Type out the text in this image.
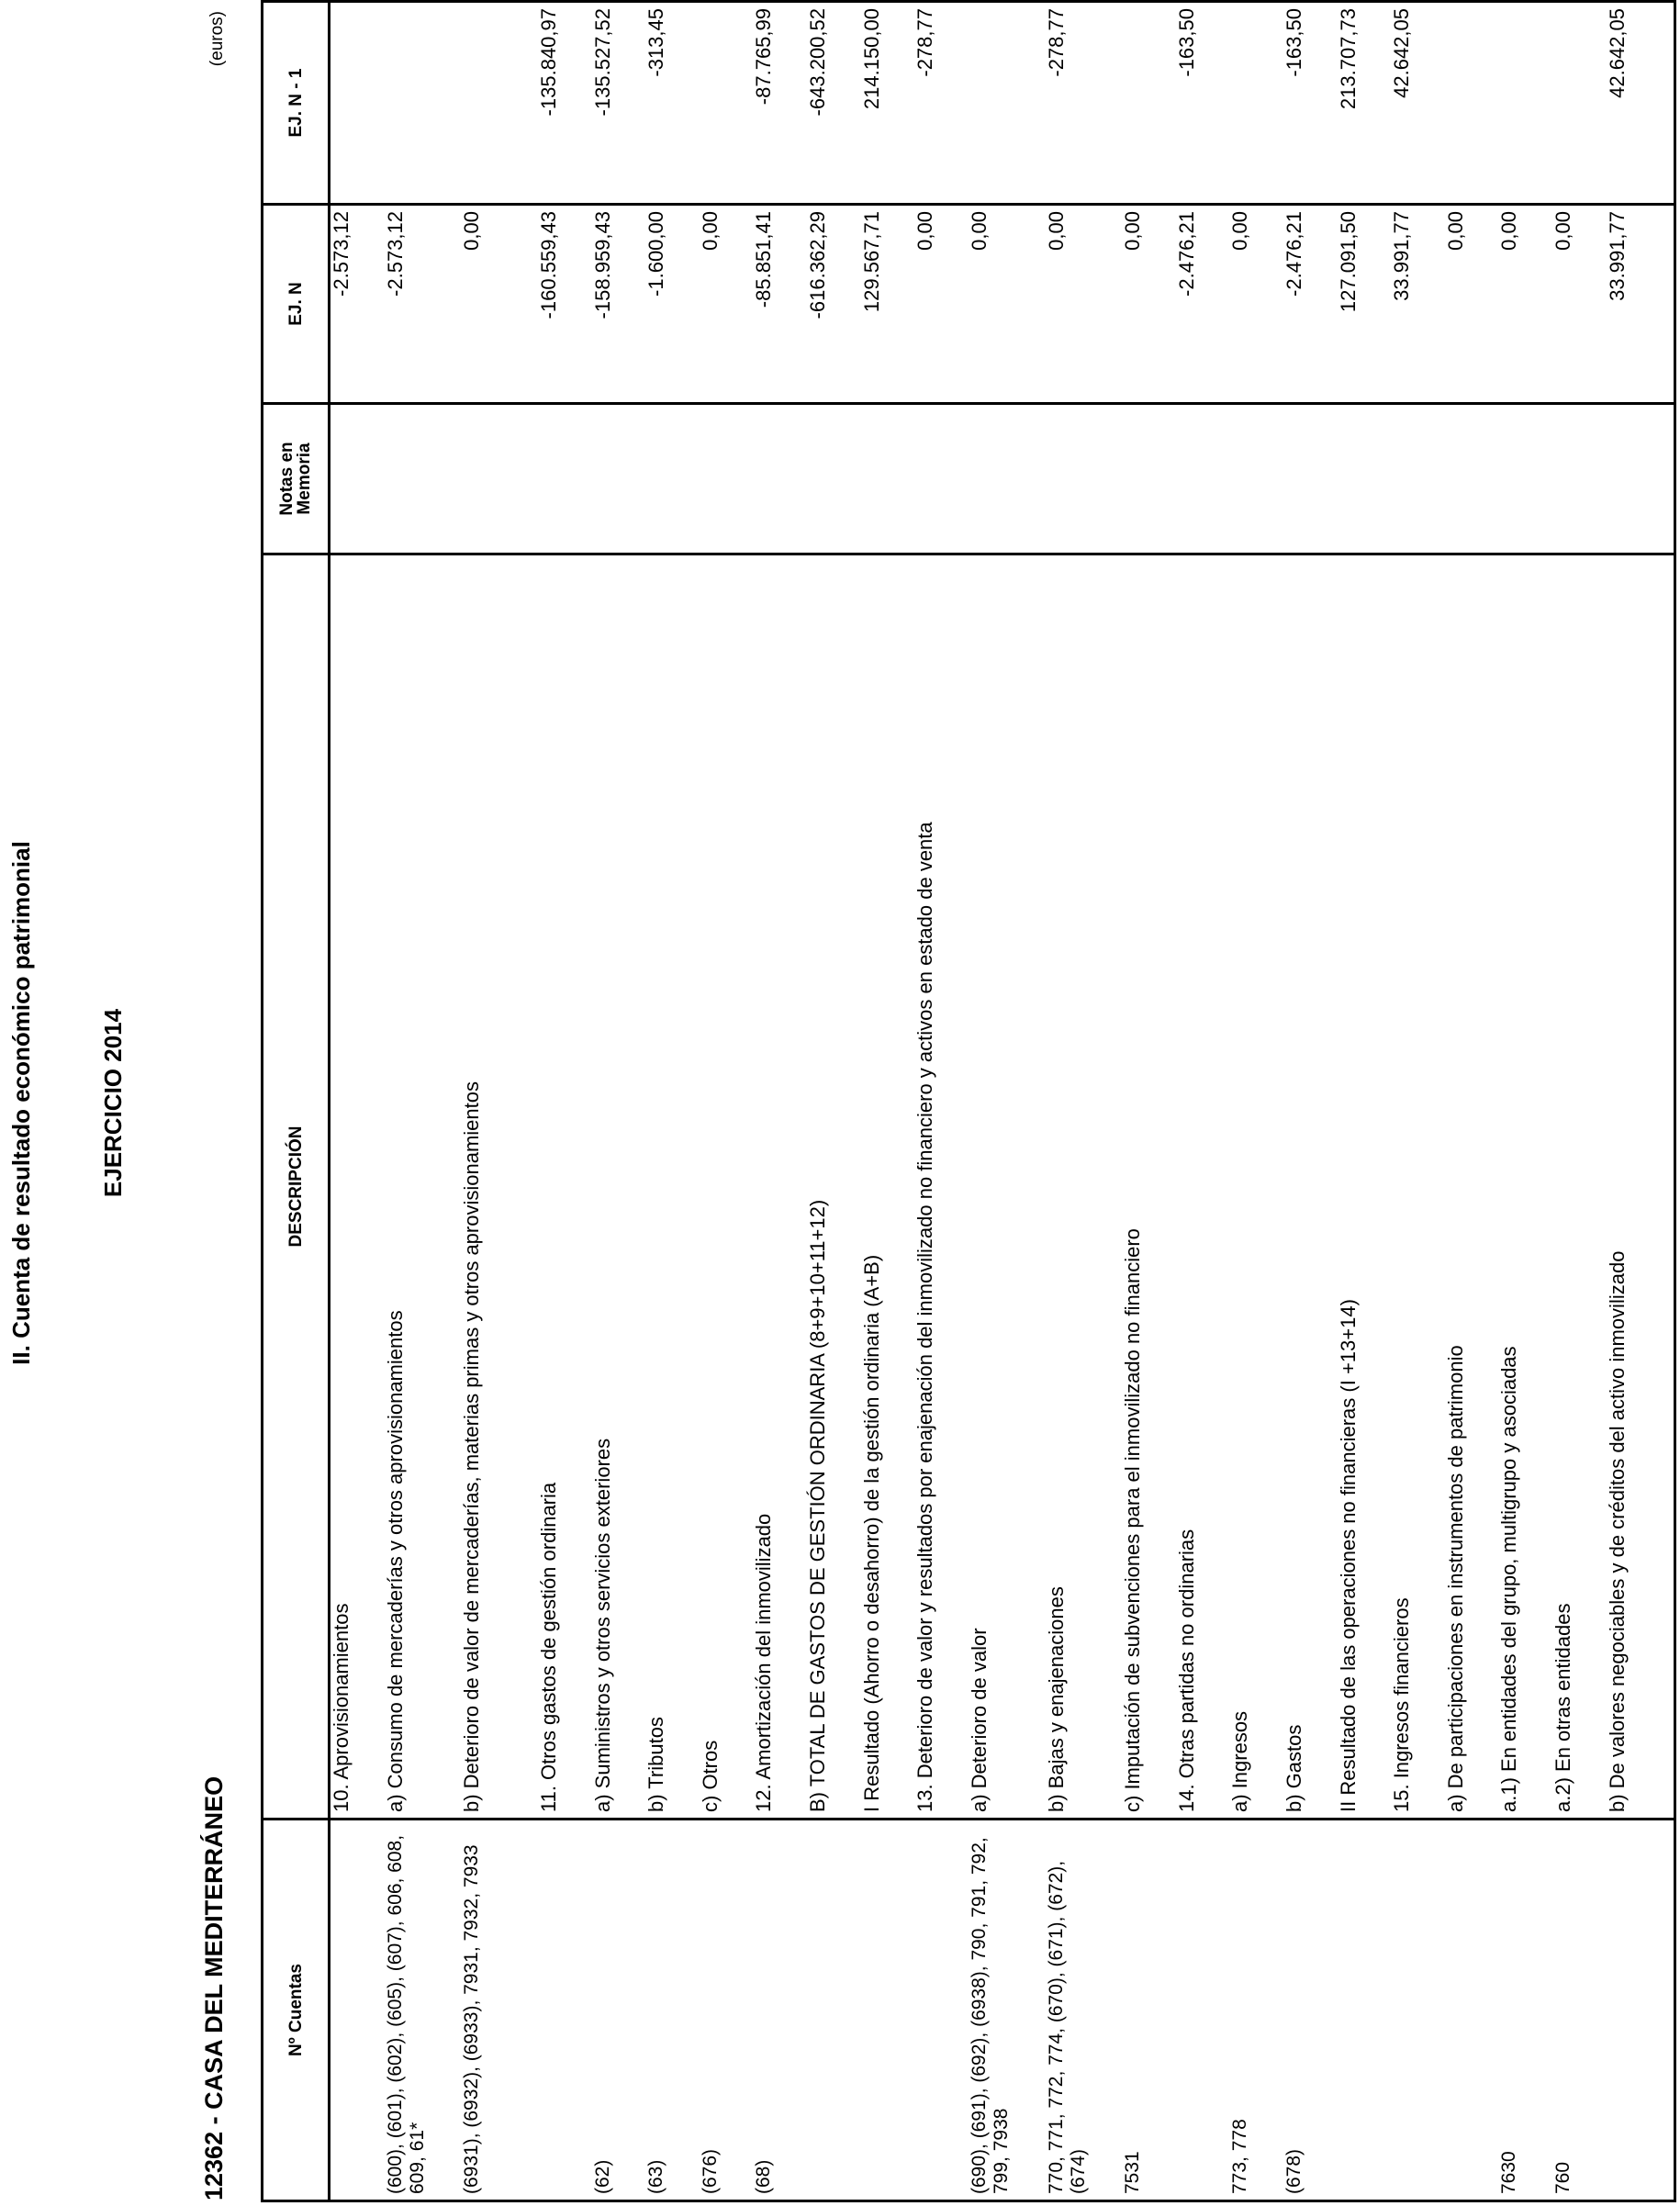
II. Cuenta de resultado económico patrimonial	EJERCICIO 2014
12362 - CASA DEL MEDITERRÁNEO
(euros)
Nº Cuentas	DESCRIPCIÓN	Notas en Memoria	EJ. N	EJ. N - 1
	10. Aprovisionamientos		-2.573,12	
(600), (601), (602), (605), (607), 606, 608, 609, 61*	a) Consumo de mercaderías y otros aprovisionamientos		-2.573,12	
(6931), (6932), (6933), 7931, 7932, 7933	b) Deterioro de valor de mercaderías, materias primas y otros aprovisionamientos		0,00	
	11. Otros gastos de gestión ordinaria		-160.559,43	-135.840,97
(62)	a) Suministros y otros servicios exteriores		-158.959,43	-135.527,52
(63)	b) Tributos		-1.600,00	-313,45
(676)	c) Otros		0,00	
(68)	12. Amortización del inmovilizado		-85.851,41	-87.765,99
	B) TOTAL DE GASTOS DE GESTIÓN ORDINARIA (8+9+10+11+12)		-616.362,29	-643.200,52
	I Resultado (Ahorro o desahorro) de la gestión ordinaria (A+B)		129.567,71	214.150,00
	13. Deterioro de valor y resultados por enajenación del inmovilizado no financiero y activos en estado de venta		0,00	-278,77
(690), (691), (692), (6938), 790, 791, 792, 799, 7938	a) Deterioro de valor		0,00	
770, 771, 772, 774, (670), (671), (672), (674)	b) Bajas y enajenaciones		0,00	-278,77
7531	c) Imputación de subvenciones para el inmovilizado no financiero		0,00	
	14. Otras partidas no ordinarias		-2.476,21	-163,50
773, 778	a) Ingresos		0,00	
(678)	b) Gastos		-2.476,21	-163,50
	II Resultado de las operaciones no financieras (I +13+14)		127.091,50	213.707,73
	15. Ingresos financieros		33.991,77	42.642,05
	a) De participaciones en instrumentos de patrimonio		0,00	
7630	a.1) En entidades del grupo, multigrupo y asociadas		0,00	
760	a.2) En otras entidades		0,00	
	b) De valores negociables y de créditos del activo inmovilizado		33.991,77	42.642,05
